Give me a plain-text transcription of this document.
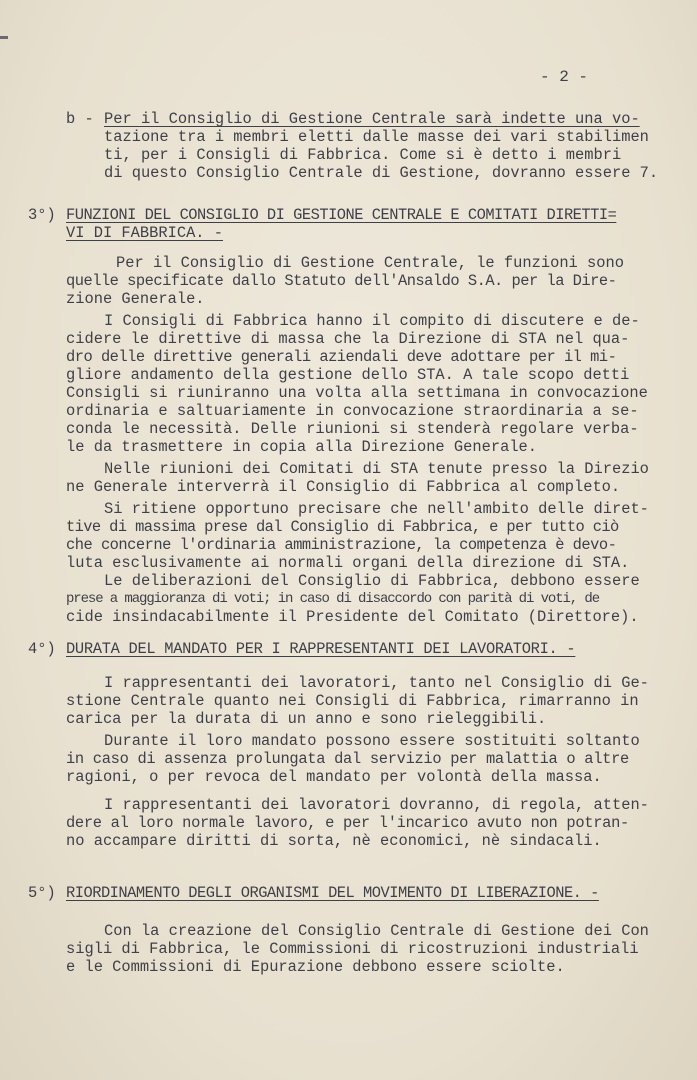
- 2 -
b - Per il Consiglio di Gestione Centrale sarà indette una vo-
tazione tra i membri eletti dalle masse dei vari stabilimen
ti, per i Consigli di Fabbrica. Come si è detto i membri
di questo Consiglio Centrale di Gestione, dovranno essere 7.
3°) FUNZIONI DEL CONSIGLIO DI GESTIONE CENTRALE E COMITATI DIRETTI=
VI DI FABBRICA. -
Per il Consiglio di Gestione Centrale, le funzioni sono
quelle specificate dallo Statuto dell'Ansaldo S.A. per la Dire-
zione Generale.
I Consigli di Fabbrica hanno il compito di discutere e de-
cidere le direttive di massa che la Direzione di STA nel qua-
dro delle direttive generali aziendali deve adottare per il mi-
gliore andamento della gestione dello STA. A tale scopo detti
Consigli si riuniranno una volta alla settimana in convocazione
ordinaria e saltuariamente in convocazione straordinaria a se-
conda le necessità. Delle riunioni si stenderà regolare verba-
le da trasmettere in copia alla Direzione Generale.
Nelle riunioni dei Comitati di STA tenute presso la Direzio
ne Generale interverrà il Consiglio di Fabbrica al completo.
Si ritiene opportuno precisare che nell'ambito delle diret-
tive di massima prese dal Consiglio di Fabbrica, e per tutto ciò
che concerne l'ordinaria amministrazione, la competenza è devo-
luta esclusivamente ai normali organi della direzione di STA.
Le deliberazioni del Consiglio di Fabbrica, debbono essere
prese a maggioranza di voti; in caso di disaccordo con parità di voti, de
cide insindacabilmente il Presidente del Comitato (Direttore).
4°) DURATA DEL MANDATO PER I RAPPRESENTANTI DEI LAVORATORI. -
I rappresentanti dei lavoratori, tanto nel Consiglio di Ge-
stione Centrale quanto nei Consigli di Fabbrica, rimarranno in
carica per la durata di un anno e sono rieleggibili.
Durante il loro mandato possono essere sostituiti soltanto
in caso di assenza prolungata dal servizio per malattia o altre
ragioni, o per revoca del mandato per volontà della massa.
I rappresentanti dei lavoratori dovranno, di regola, atten-
dere al loro normale lavoro, e per l'incarico avuto non potran-
no accampare diritti di sorta, nè economici, nè sindacali.
5°) RIORDINAMENTO DEGLI ORGANISMI DEL MOVIMENTO DI LIBERAZIONE. -
Con la creazione del Consiglio Centrale di Gestione dei Con
sigli di Fabbrica, le Commissioni di ricostruzioni industriali
e le Commissioni di Epurazione debbono essere sciolte.
